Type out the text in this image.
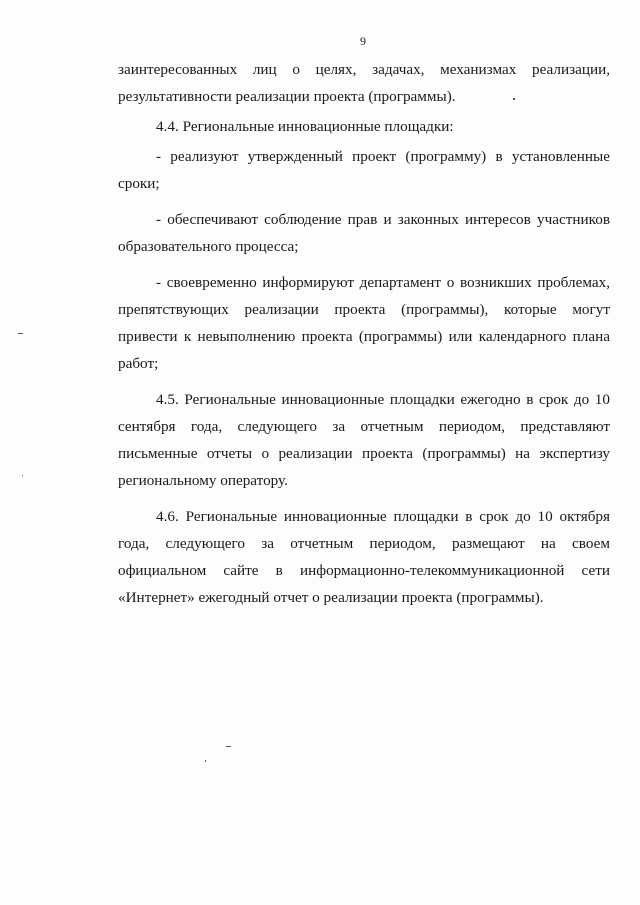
9

заинтересованных лиц о целях, задачах, механизмах реализации, результативности реализации проекта (программы).

4.4. Региональные инновационные площадки:

- реализуют утвержденный проект (программу) в установленные сроки;

- обеспечивают соблюдение прав и законных интересов участников образовательного процесса;

- своевременно информируют департамент о возникших проблемах, препятствующих реализации проекта (программы), которые могут привести к невыполнению проекта (программы) или календарного плана работ;

4.5. Региональные инновационные площадки ежегодно в срок до 10 сентября года, следующего за отчетным периодом, представляют письменные отчеты о реализации проекта (программы) на экспертизу региональному оператору.

4.6. Региональные инновационные площадки в срок до 10 октября года, следующего за отчетным периодом, размещают на своем официальном сайте в информационно-телекоммуникационной сети «Интернет» ежегодный отчет о реализации проекта (программы).
